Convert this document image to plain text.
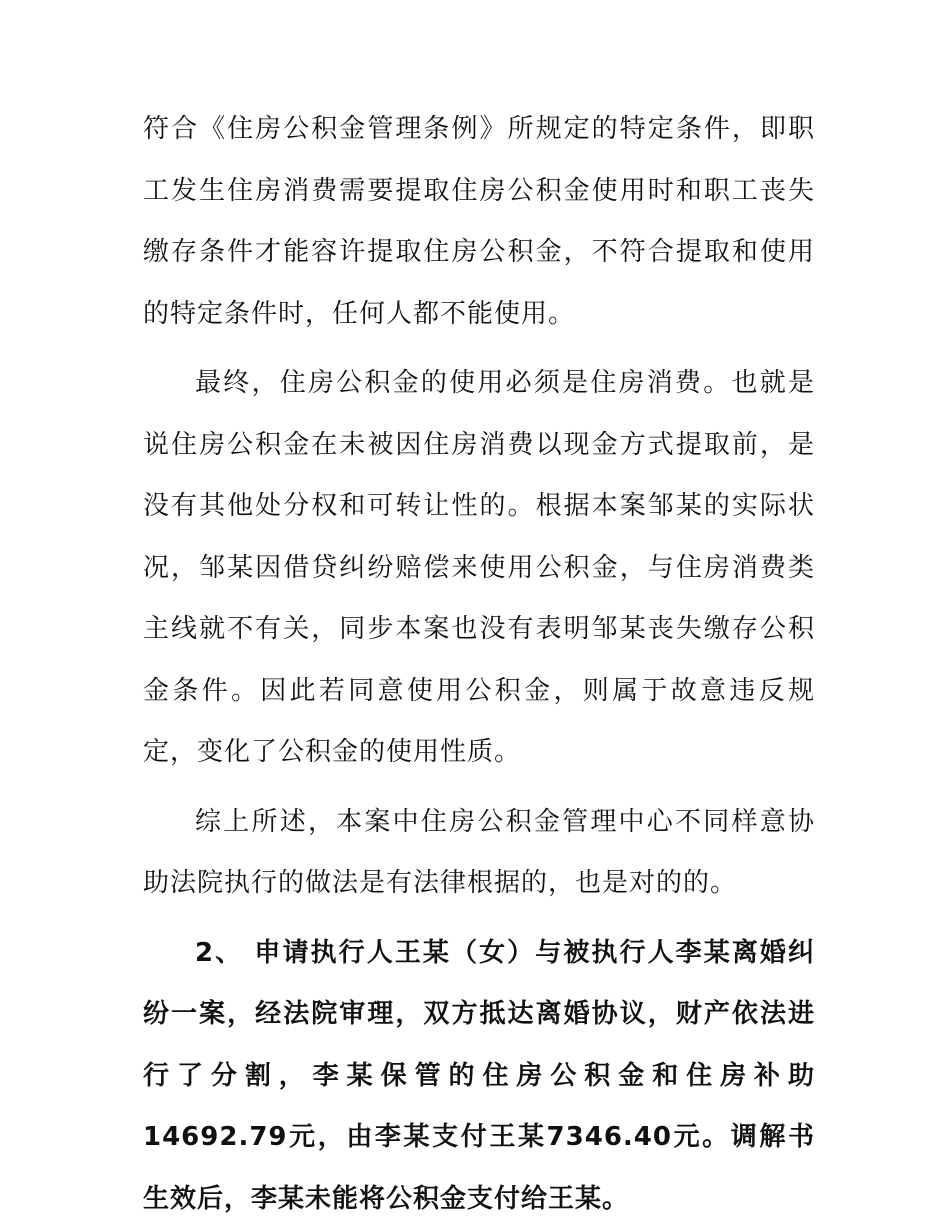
符合《住房公积金管理条例》所规定的特定条件，即职工发生住房消费需要提取住房公积金使用时和职工丧失缴存条件才能容许提取住房公积金，不符合提取和使用的特定条件时，任何人都不能使用。

最终，住房公积金的使用必须是住房消费。也就是说住房公积金在未被因住房消费以现金方式提取前，是没有其他处分权和可转让性的。根据本案邹某的实际状况，邹某因借贷纠纷赔偿来使用公积金，与住房消费类主线就不有关，同步本案也没有表明邹某丧失缴存公积金条件。因此若同意使用公积金，则属于故意违反规定，变化了公积金的使用性质。

综上所述，本案中住房公积金管理中心不同样意协助法院执行的做法是有法律根据的，也是对的的。

2、 申请执行人王某（女）与被执行人李某离婚纠纷一案，经法院审理，双方抵达离婚协议，财产依法进行了分割，李某保管的住房公积金和住房补助14692.79元，由李某支付王某7346.40元。调解书生效后，李某未能将公积金支付给王某。
